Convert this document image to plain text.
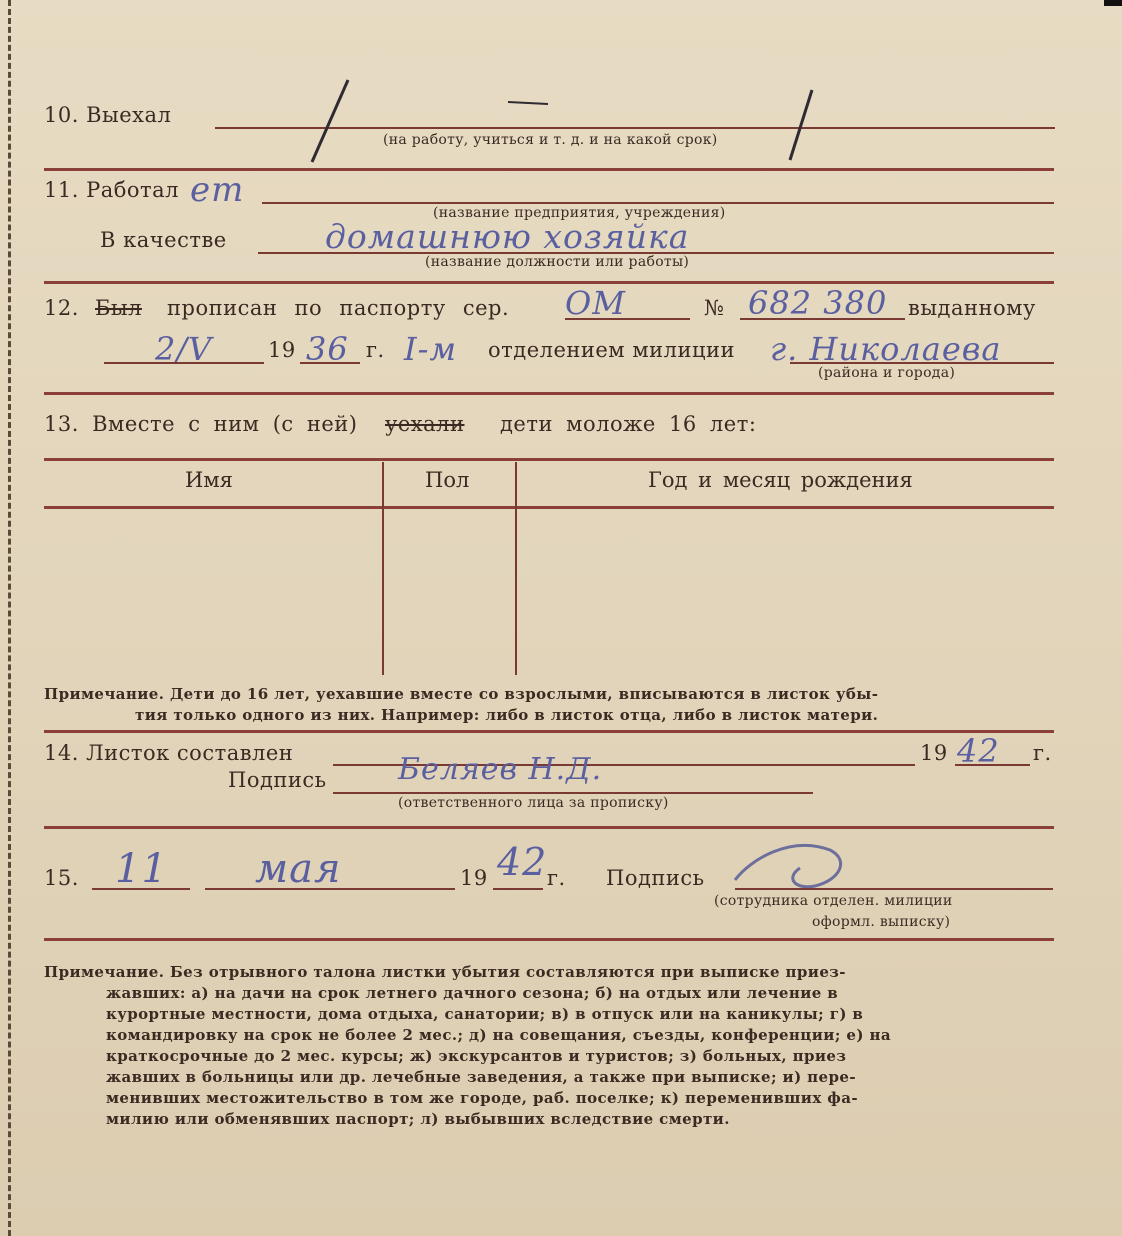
10. Выехал
(на работу, учиться и т. д. и на какой срок)
11. Работал ет
(название предприятия, учреждения)
В качестве	домашнюю хозяйка
(название должности или работы)
12. Был прописан по паспорту сер. ОМ	№ 682 380 выданному
2/V	19 36 г. I-м отделением милиции г. Николаева
(района и города)
13. Вместе с ним (с ней) уехали дети моложе 16 лет:
Имя	Пол	Год и месяц рождения
Примечание. Дети до 16 лет, уехавшие вместе со взрослыми, вписываются в листок убы-
тия только одного из них. Например: либо в листок отца, либо в листок матери.
14. Листок составлен	19 42 г.
Подпись Беляев Н.Д.
(ответственного лица за прописку)
15. 11 мая	19 42 г. Подпись
(сотрудника отделен. милиции
оформл. выписку)
Примечание. Без отрывного талона листки убытия составляются при выписке приез-
жавших: а) на дачи на срок летнего дачного сезона; б) на отдых или лечение в
курортные местности, дома отдыха, санатории; в) в отпуск или на каникулы; г) в
командировку на срок не более 2 мес.; д) на совещания, съезды, конференции; е) на
краткосрочные до 2 мес. курсы; ж) экскурсантов и туристов; з) больных, приез
жавших в больницы или др. лечебные заведения, а также при выписке; и) пере-
менивших местожительство в том же городе, раб. поселке; к) переменивших фа-
милию или обменявших паспорт; л) выбывших вследствие смерти.
